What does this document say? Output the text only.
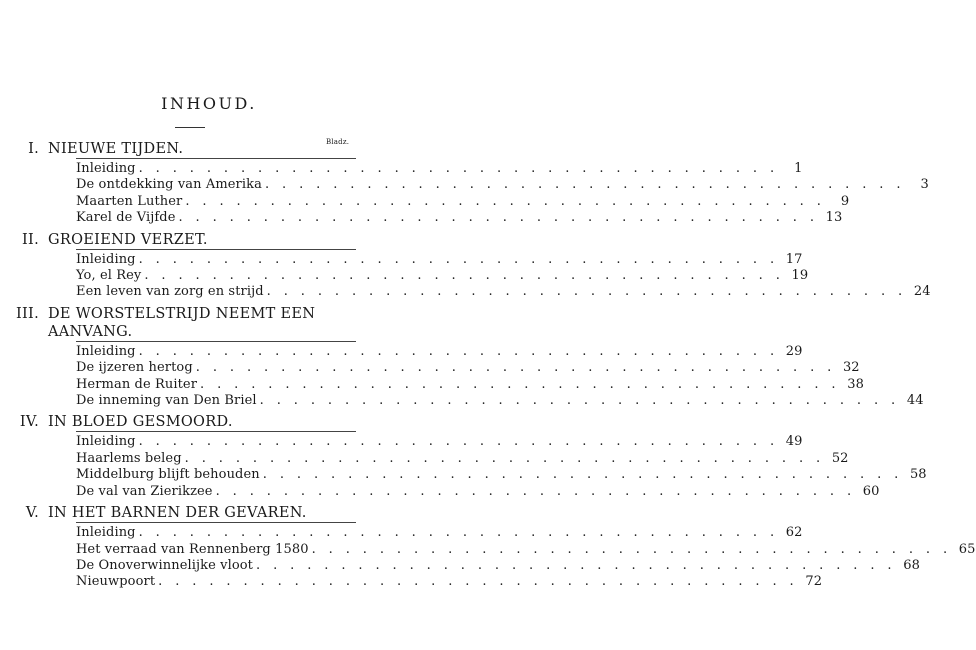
INHOUD.
Bladz.
I. NIEUWE TIJDEN.
Inleiding . . . . . . . . . . . . . . . . . . . . . . . . . . . . . . . . . . . . . .	1
De ontdekking van Amerika . . . . . . . . . . . . . . . . . . . . . . . . . . . . . . . . . . . . . .	3
Maarten Luther . . . . . . . . . . . . . . . . . . . . . . . . . . . . . . . . . . . . . .	9
Karel de Vijfde . . . . . . . . . . . . . . . . . . . . . . . . . . . . . . . . . . . . . . 13
II. GROEIEND VERZET.
Inleiding . . . . . . . . . . . . . . . . . . . . . . . . . . . . . . . . . . . . . . 17
Yo, el Rey . . . . . . . . . . . . . . . . . . . . . . . . . . . . . . . . . . . . . . 19
Een leven van zorg en strijd . . . . . . . . . . . . . . . . . . . . . . . . . . . . . . . . . . . . . . 24
III. DE WORSTELSTRIJD NEEMT EEN AANVANG.
Inleiding . . . . . . . . . . . . . . . . . . . . . . . . . . . . . . . . . . . . . . 29
De ijzeren hertog . . . . . . . . . . . . . . . . . . . . . . . . . . . . . . . . . . . . . . 32
Herman de Ruiter . . . . . . . . . . . . . . . . . . . . . . . . . . . . . . . . . . . . . . 38
De inneming van Den Briel . . . . . . . . . . . . . . . . . . . . . . . . . . . . . . . . . . . . . . 44
IV. IN BLOED GESMOORD.
Inleiding . . . . . . . . . . . . . . . . . . . . . . . . . . . . . . . . . . . . . . 49
Haarlems beleg . . . . . . . . . . . . . . . . . . . . . . . . . . . . . . . . . . . . . . 52
Middelburg blijft behouden . . . . . . . . . . . . . . . . . . . . . . . . . . . . . . . . . . . . . . 58
De val van Zierikzee . . . . . . . . . . . . . . . . . . . . . . . . . . . . . . . . . . . . . . 60
V. IN HET BARNEN DER GEVAREN.
Inleiding . . . . . . . . . . . . . . . . . . . . . . . . . . . . . . . . . . . . . . 62
Het verraad van Rennenberg 1580 . . . . . . . . . . . . . . . . . . . . . . . . . . . . . . . . . . . . . . 65
De Onoverwinnelijke vloot . . . . . . . . . . . . . . . . . . . . . . . . . . . . . . . . . . . . . . 68
Nieuwpoort . . . . . . . . . . . . . . . . . . . . . . . . . . . . . . . . . . . . . . 72
